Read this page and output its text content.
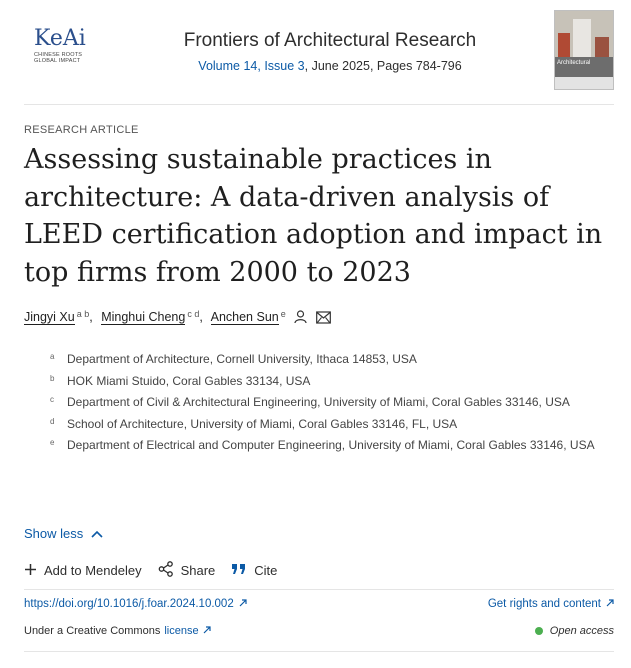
KeAi
CHINESE ROOTS
GLOBAL IMPACT
Frontiers of Architectural Research
Volume 14, Issue 3, June 2025, Pages 784-796	Architectural
RESEARCH ARTICLE
Assessing sustainable practices in architecture: A data-driven analysis of LEED certification adoption and impact in top firms from 2000 to 2023
Jingyi Xu $^{a b}$, Minghui Cheng $^{c d}$, Anchen Sun $^e$
a Department of Architecture, Cornell University, Ithaca 14853, USA
b HOK Miami Stuido, Coral Gables 33134, USA
c Department of Civil & Architectural Engineering, University of Miami, Coral Gables 33146, USA
d School of Architecture, University of Miami, Coral Gables 33146, FL, USA
e Department of Electrical and Computer Engineering, University of Miami, Coral Gables 33146, USA
Show less
Add to Mendeley	Share	Cite
https://doi.org/10.1016/j.foar.2024.10.002	Get rights and content
Under a Creative Commons license	Open access
